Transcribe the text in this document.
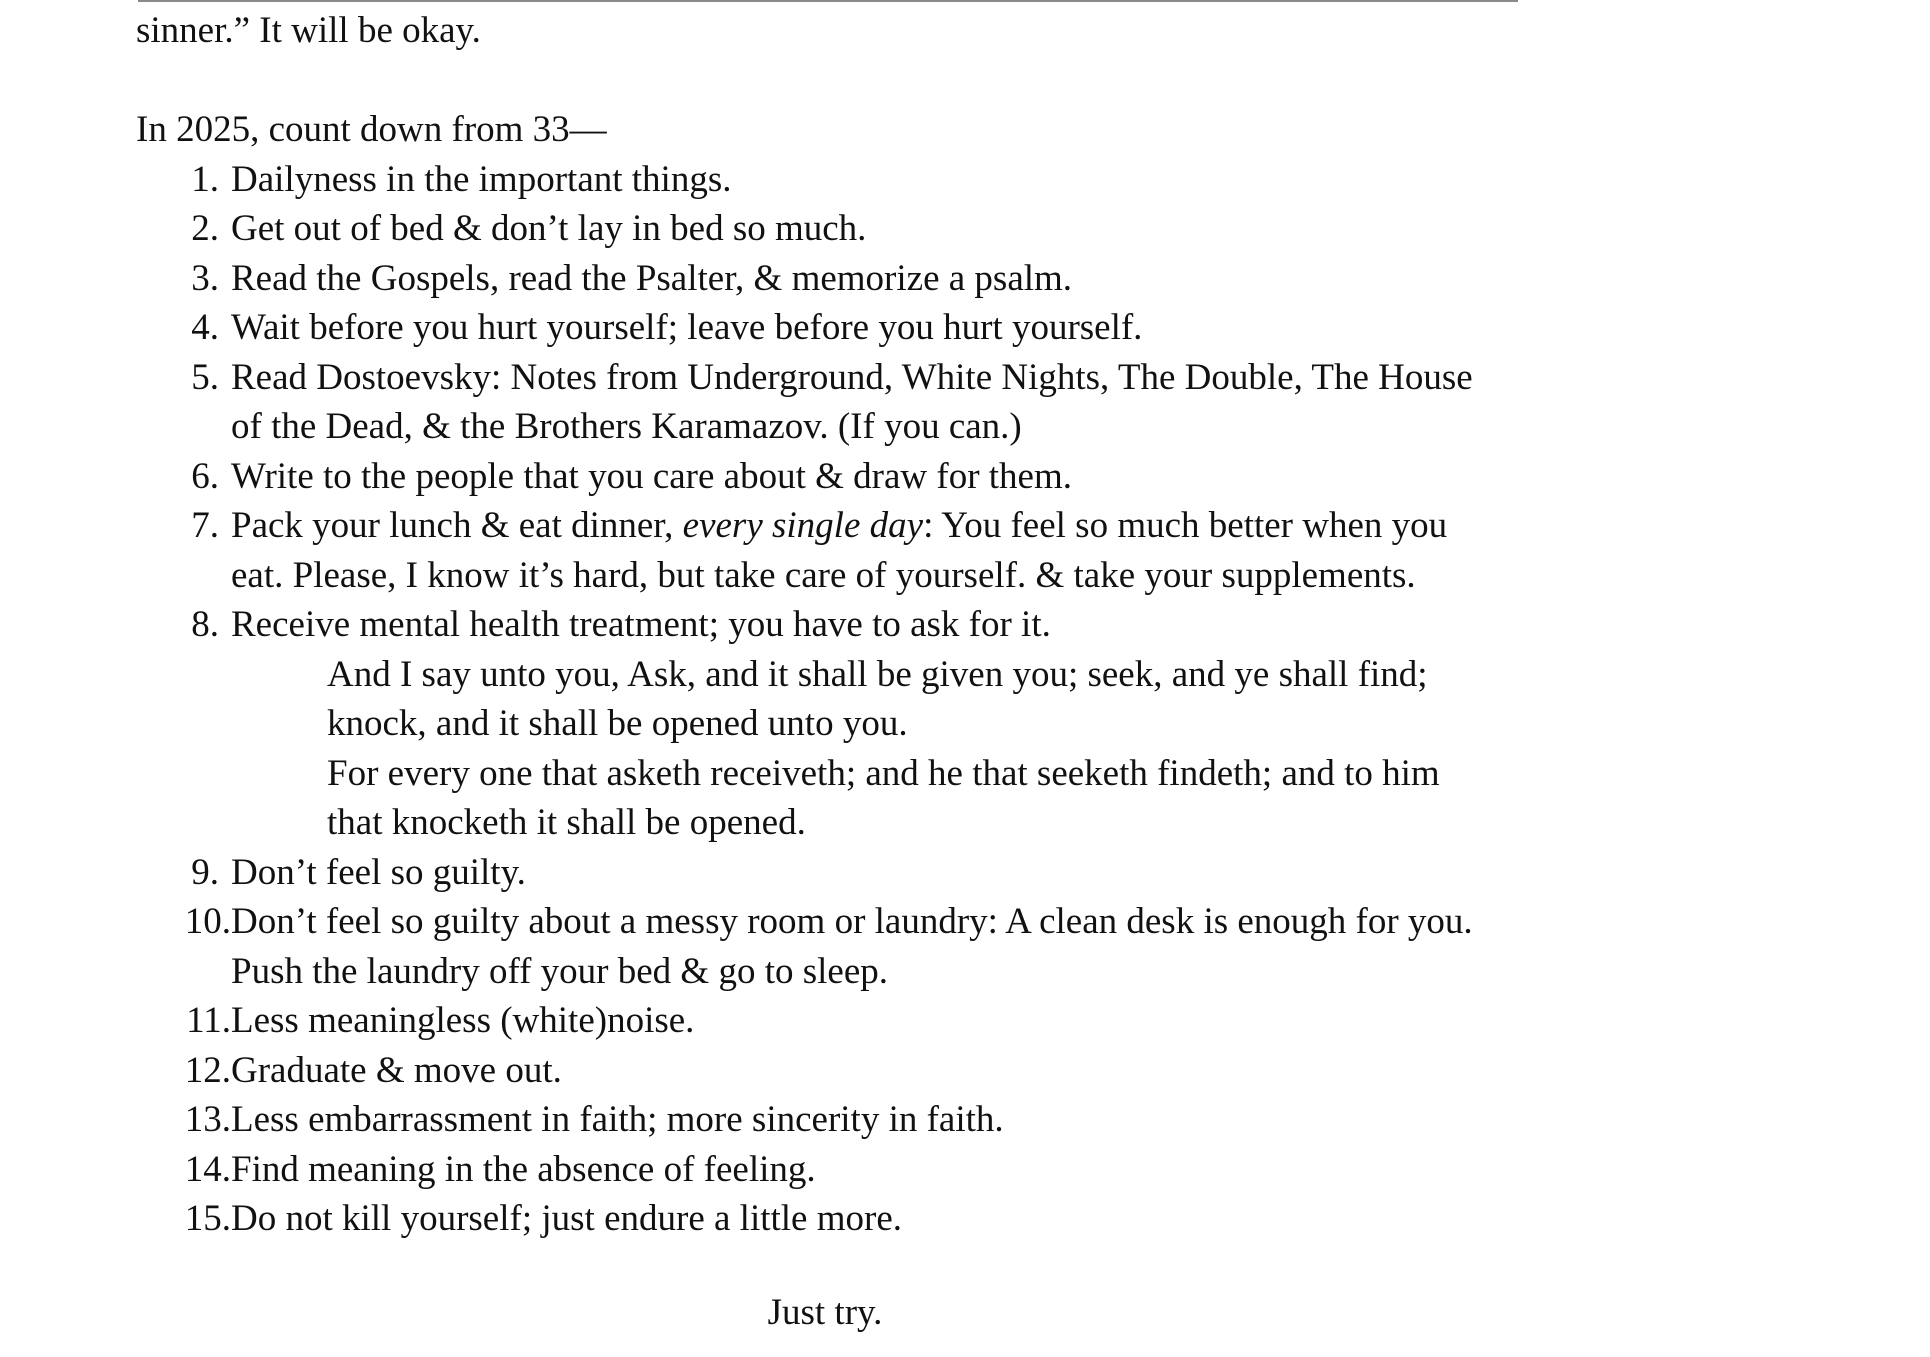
sinner.” It will be okay.

In 2025, count down from 33—

1. Dailyness in the important things.
2. Get out of bed & don’t lay in bed so much.
3. Read the Gospels, read the Psalter, & memorize a psalm.
4. Wait before you hurt yourself; leave before you hurt yourself.
5. Read Dostoevsky: Notes from Underground, White Nights, The Double, The House
of the Dead, & the Brothers Karamazov. (If you can.)
6. Write to the people that you care about & draw for them.
7. Pack your lunch & eat dinner, every single day: You feel so much better when you
eat. Please, I know it’s hard, but take care of yourself. & take your supplements.
8. Receive mental health treatment; you have to ask for it.
And I say unto you, Ask, and it shall be given you; seek, and ye shall find;
knock, and it shall be opened unto you.
For every one that asketh receiveth; and he that seeketh findeth; and to him
that knocketh it shall be opened.
9. Don’t feel so guilty.
10. Don’t feel so guilty about a messy room or laundry: A clean desk is enough for you.
Push the laundry off your bed & go to sleep.
11. Less meaningless (white)noise.
12. Graduate & move out.
13. Less embarrassment in faith; more sincerity in faith.
14. Find meaning in the absence of feeling.
15. Do not kill yourself; just endure a little more.
Just try.
